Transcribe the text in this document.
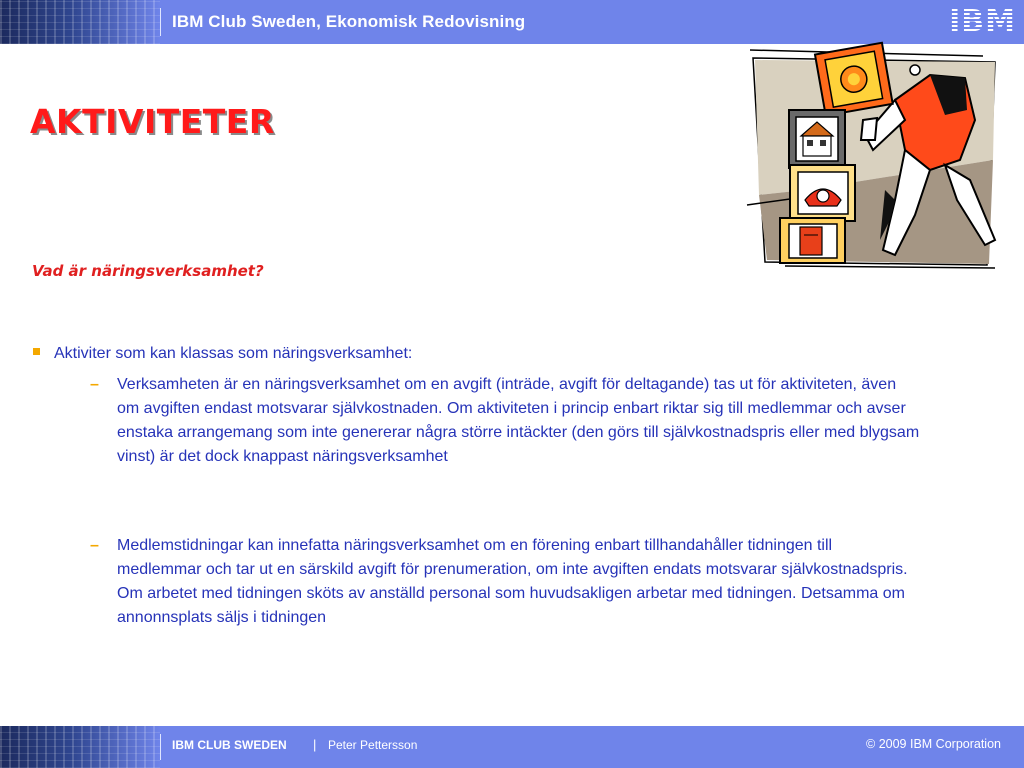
IBM Club Sweden, Ekonomisk Redovisning	IBM
AKTIVITETER
Vad är näringsverksamhet?
Aktiviter som kan klassas som näringsverksamhet:
–	Verksamheten är en näringsverksamhet om en avgift (inträde, avgift för deltagande) tas ut för aktiviteten, även om avgiften endast motsvarar självkostnaden. Om aktiviteten i princip enbart riktar sig till medlemmar och avser enstaka arrangemang som inte genererar några större intäckter (den görs till självkostnadspris eller med blygsam vinst) är det dock knappast näringsverksamhet
–	Medlemstidningar kan innefatta näringsverksamhet om en förening enbart tillhandahåller tidningen till medlemmar och tar ut en särskild avgift för prenumeration, om inte avgiften endats motsvarar självkostnadspris. Om arbetet med tidningen sköts av anställd personal som huvudsakligen arbetar med tidningen. Detsamma om annonnsplats säljs i tidningen
IBM CLUB SWEDEN | Peter Pettersson	© 2009 IBM Corporation
